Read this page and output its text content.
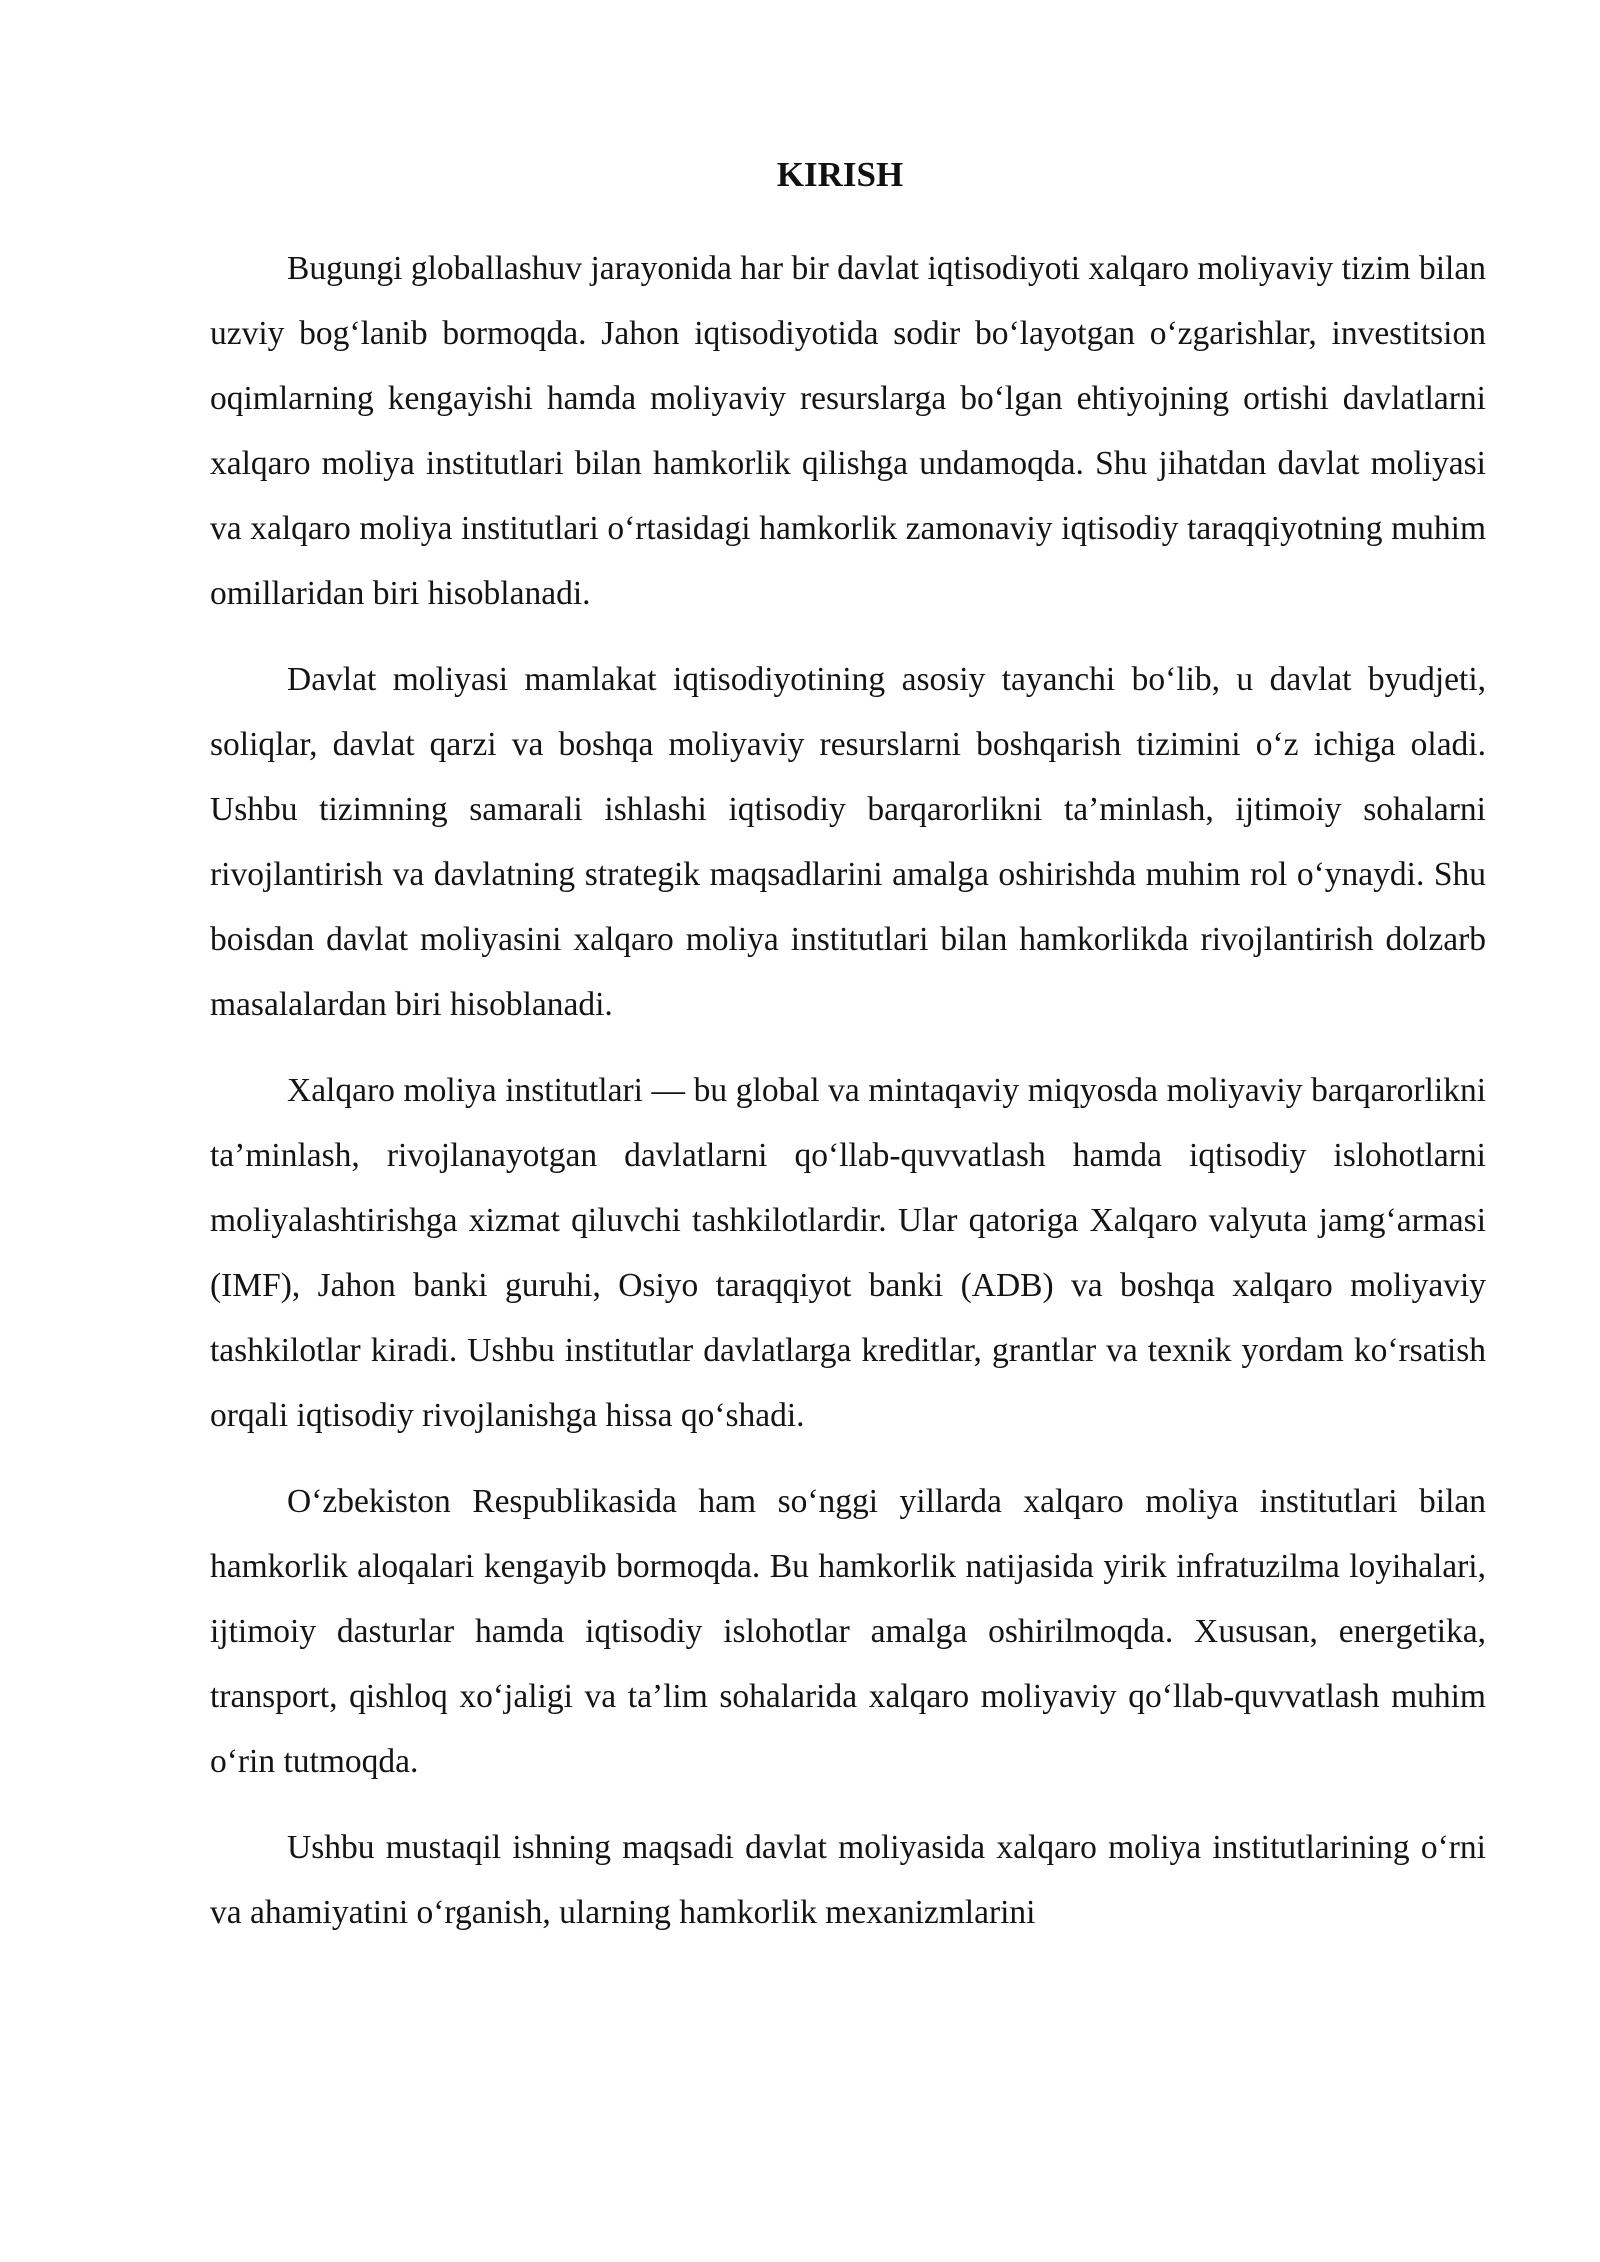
KIRISH

Bugungi globallashuv jarayonida har bir davlat iqtisodiyoti xalqaro moliyaviy tizim bilan uzviy bog‘lanib bormoqda. Jahon iqtisodiyotida sodir bo‘layotgan o‘zgarishlar, investitsion oqimlarning kengayishi hamda moliyaviy resurslarga bo‘lgan ehtiyojning ortishi davlatlarni xalqaro moliya institutlari bilan hamkorlik qilishga undamoqda. Shu jihatdan davlat moliyasi va xalqaro moliya institutlari o‘rtasidagi hamkorlik zamonaviy iqtisodiy taraqqiyotning muhim omillaridan biri hisoblanadi.

Davlat moliyasi mamlakat iqtisodiyotining asosiy tayanchi bo‘lib, u davlat byudjeti, soliqlar, davlat qarzi va boshqa moliyaviy resurslarni boshqarish tizimini o‘z ichiga oladi. Ushbu tizimning samarali ishlashi iqtisodiy barqarorlikni ta’minlash, ijtimoiy sohalarni rivojlantirish va davlatning strategik maqsadlarini amalga oshirishda muhim rol o‘ynaydi. Shu boisdan davlat moliyasini xalqaro moliya institutlari bilan hamkorlikda rivojlantirish dolzarb masalalardan biri hisoblanadi.

Xalqaro moliya institutlari — bu global va mintaqaviy miqyosda moliyaviy barqarorlikni ta’minlash, rivojlanayotgan davlatlarni qo‘llab-quvvatlash hamda iqtisodiy islohotlarni moliyalashtirishga xizmat qiluvchi tashkilotlardir. Ular qatoriga Xalqaro valyuta jamg‘armasi (IMF), Jahon banki guruhi, Osiyo taraqqiyot banki (ADB) va boshqa xalqaro moliyaviy tashkilotlar kiradi. Ushbu institutlar davlatlarga kreditlar, grantlar va texnik yordam ko‘rsatish orqali iqtisodiy rivojlanishga hissa qo‘shadi.

O‘zbekiston Respublikasida ham so‘nggi yillarda xalqaro moliya institutlari bilan hamkorlik aloqalari kengayib bormoqda. Bu hamkorlik natijasida yirik infratuzilma loyihalari, ijtimoiy dasturlar hamda iqtisodiy islohotlar amalga oshirilmoqda. Xususan, energetika, transport, qishloq xo‘jaligi va ta’lim sohalarida xalqaro moliyaviy qo‘llab-quvvatlash muhim o‘rin tutmoqda.

Ushbu mustaqil ishning maqsadi davlat moliyasida xalqaro moliya institutlarining o‘rni va ahamiyatini o‘rganish, ularning hamkorlik mexanizmlarini
